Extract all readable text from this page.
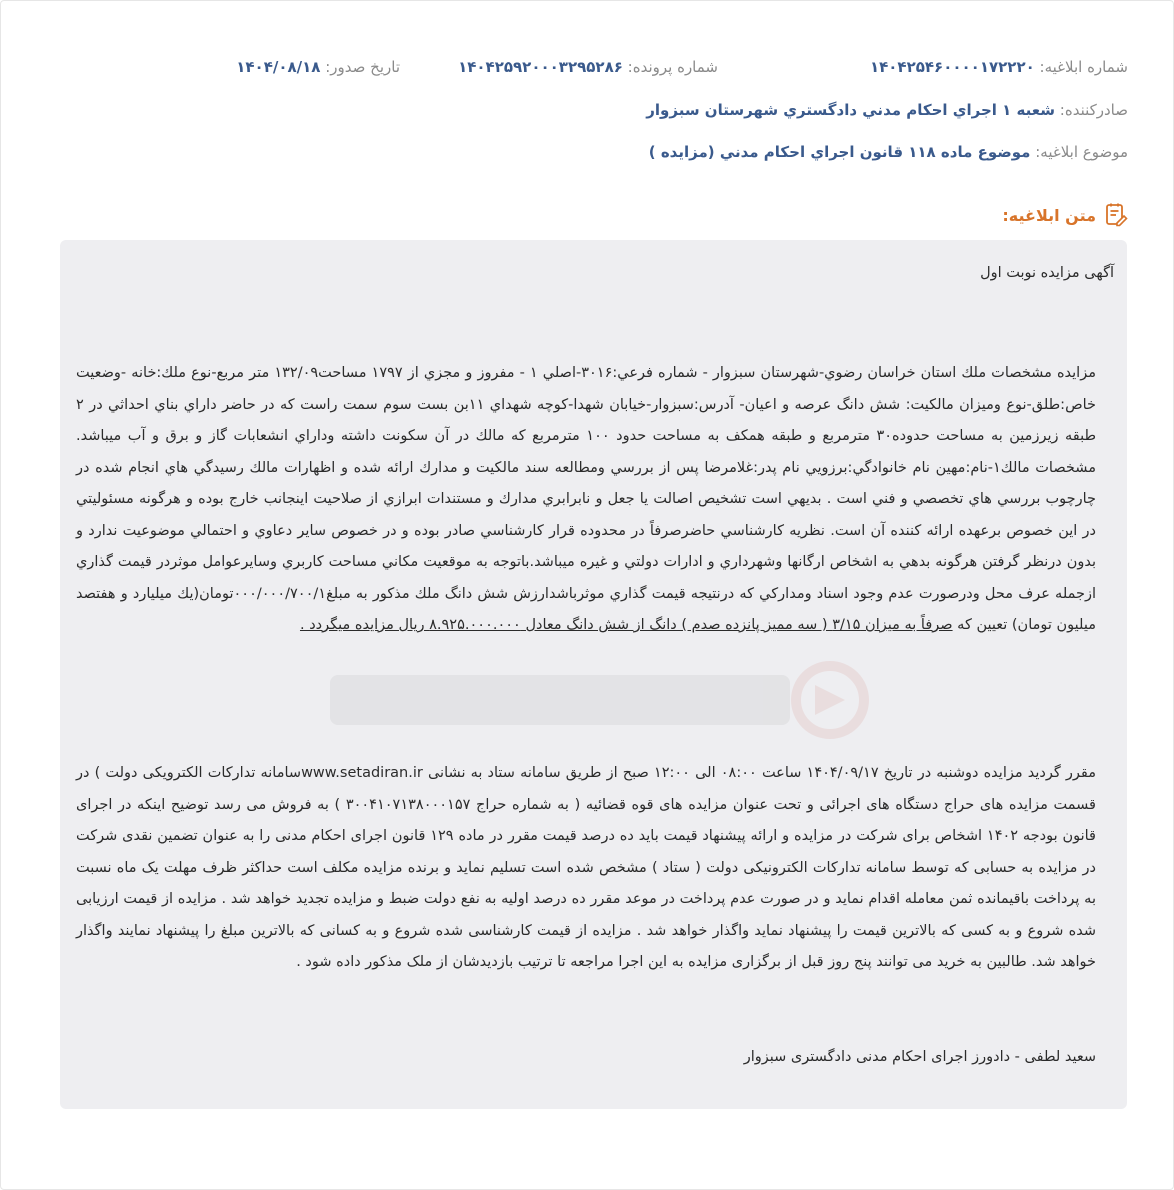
شماره ابلاغیه: ۱۴۰۴۲۵۴۶۰۰۰۰۱۷۲۲۲۰
شماره پرونده: ۱۴۰۴۲۵۹۲۰۰۰۳۲۹۵۲۸۶
تاریخ صدور: ۱۴۰۴/۰۸/۱۸
صادرکننده: شعبه ۱ اجراي احكام مدني دادگستري شهرستان سبزوار
موضوع ابلاغیه: موضوع ماده ۱۱۸ قانون اجراي احكام مدني (مزايده )
متن ابلاغیه:
آگهی مزایده نوبت اول

مزايده مشخصات ملك استان خراسان رضوي-شهرستان سبزوار - شماره فرعي:۳۰۱۶-اصلي ۱ - مفروز و مجزي از ۱۷۹۷ مساحت۱۳۲/۰۹ متر مربع-نوع ملك:خانه -وضعيت خاص:طلق-نوع وميزان مالكيت: شش دانگ عرصه و اعيان- آدرس:سبزوار-خيابان شهدا-كوچه شهداي ۱۱بن بست سوم سمت راست كه در حاضر داراي بناي احداثي در ۲ طبقه زيرزمين به مساحت حدوده۳۰ مترمربع و طبقه همكف به مساحت حدود ۱۰۰ مترمربع كه مالك در آن سكونت داشته وداراي انشعابات گاز و برق و آب ميباشد. مشخصات مالك۱-نام:مهين نام خانوادگي:برزويي نام پدر:غلامرضا پس از بررسي ومطالعه سند مالكيت و مدارك ارائه شده و اظهارات مالك رسيدگي هاي انجام شده در چارچوب بررسي هاي تخصصي و فني است . بديهي است تشخيص اصالت يا جعل و نابرابري مدارك و مستندات ابرازي از صلاحيت اينجانب خارج بوده و هرگونه مسئوليتي در اين خصوص برعهده ارائه كننده آن است. نظريه كارشناسي حاضرصرفاً در محدوده قرار كارشناسي صادر بوده و در خصوص ساير دعاوي و احتمالي موضوعيت ندارد و بدون درنظر گرفتن هرگونه بدهي به اشخاص ارگانها وشهرداري و ادارات دولتي و غيره ميباشد.باتوجه به موقعيت مكاني مساحت كاربري وسايرعوامل موثردر قيمت گذاري ازجمله عرف محل ودرصورت عدم وجود اسناد ومداركي كه درنتيجه قيمت گذاري موثرباشدارزش شش دانگ ملك مذكور به مبلغ۰۰۰/۰۰۰/۷۰۰/۱تومان(يك ميليارد و هفتصد ميليون تومان) تعيين كه صرفاً به میزان ۳/۱۵ ( سه ممیز پانزده صدم ) دانگ از شش دانگ معادل ۸.۹۲۵.۰۰۰.۰۰۰ ریال مزایده میگردد .

مقرر گردید مزایده دوشنبه در تاریخ ۱۴۰۴/۰۹/۱۷ ساعت ۰۸:۰۰ الی ۱۲:۰۰ صبح از طریق سامانه ستاد به نشانی www.setadiran.irسامانه تدارکات الکترویکی دولت ) در قسمت مزایده های حراج دستگاه های اجرائی و تحت عنوان مزایده های قوه قضائیه ( به شماره حراج ۳۰۰۴۱۰۷۱۳۸۰۰۰۱۵۷ ) به فروش می رسد توضیح اینکه در اجرای قانون بودجه ۱۴۰۲ اشخاص برای شرکت در مزایده و ارائه پیشنهاد قیمت باید ده درصد قیمت مقرر در ماده ۱۲۹ قانون اجرای احکام مدنی را به عنوان تضمین نقدی شرکت در مزایده به حسابی که توسط سامانه تدارکات الکترونیکی دولت ( ستاد ) مشخص شده است تسلیم نماید و برنده مزایده مکلف است حداکثر ظرف مهلت یک ماه نسبت به پرداخت باقیمانده ثمن معامله اقدام نماید و در صورت عدم پرداخت در موعد مقرر ده درصد اولیه به نفع دولت ضبط و مزایده تجدید خواهد شد . مزایده از قیمت ارزیابی شده شروع و به کسی که بالاترین قیمت را پیشنهاد نماید واگذار خواهد شد . مزایده از قیمت کارشناسی شده شروع و به کسانی که بالاترین مبلغ را پیشنهاد نمایند واگذار خواهد شد. طالبین به خرید می توانند پنج روز قبل از برگزاری مزایده به این اجرا مراجعه تا ترتیب بازدیدشان از ملک مذکور داده شود .

سعید لطفی - دادورز اجرای احکام مدنی دادگستری سبزوار
